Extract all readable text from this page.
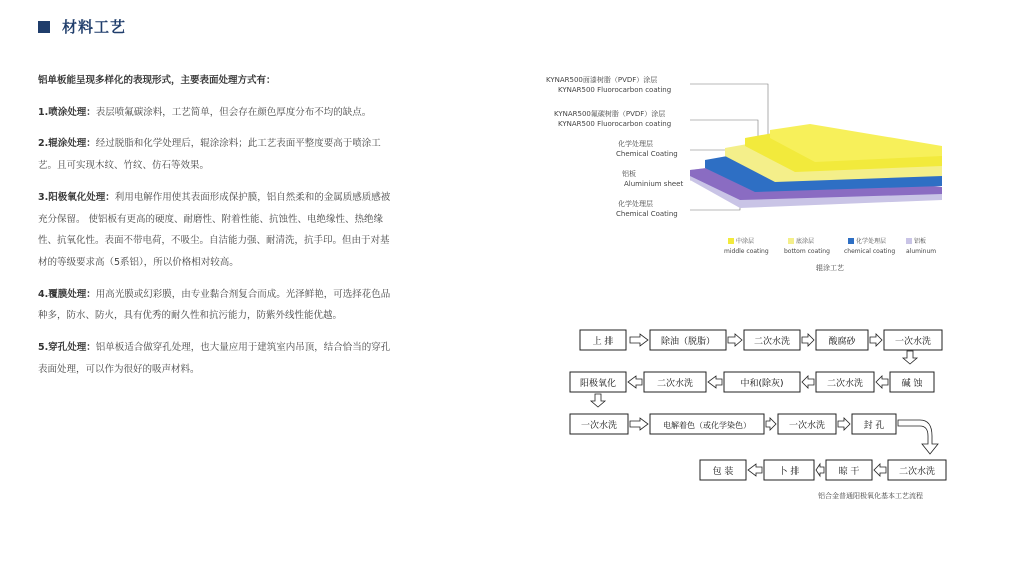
材料工艺

铝单板能呈现多样化的表现形式，主要表面处理方式有：

1.喷涂处理：表层喷氟碳涂料，工艺简单，但会存在颜色厚度分布不均的缺点。

2.辊涂处理：经过脱脂和化学处理后，辊涂涂料；此工艺表面平整度要高于喷涂工艺。且可实现木纹、竹纹、仿石等效果。

3.阳极氧化处理：利用电解作用使其表面形成保护膜，铝自然柔和的金属质感质感被充分保留。 使铝板有更高的硬度、耐磨性、附着性能、抗蚀性、电绝缘性、热绝缘性、抗氧化性。表面不带电荷，不吸尘。自洁能力强、耐清洗，抗手印。但由于对基材的等级要求高（5系铝），所以价格相对较高。

4.覆膜处理：用高光膜或幻彩膜，由专业黏合剂复合而成。光泽鲜艳，可选择花色品种多，防水、防火，具有优秀的耐久性和抗污能力，防紫外线性能优越。

5.穿孔处理：铝单板适合做穿孔处理，也大量应用于建筑室内吊顶，结合恰当的穿孔表面处理，可以作为很好的吸声材料。

KYNAR500面漆树脂（PVDF）涂层
KYNAR500 Fluorocarbon coating
KYNAR500氟碳树脂（PVDF）涂层
KYNAR500 Fluorocarbon coating
化学处理层
Chemical Coating
铝板
Aluminium sheet
化学处理层
Chemical Coating
中涂层
middle coating
底涂层
bottom coating
化学处理层
chemical coating
铝板
aluminum
辊涂工艺
上 排	除油（脱脂）	二次水洗	酸腐砂	一次水洗
阳极氧化	二次水洗	中和(除灰)	二次水洗	碱 蚀
一次水洗	电解着色（或化学染色）	一次水洗	封 孔
包 装	卜 排	晾 干	二次水洗
铝合金普通阳极氧化基本工艺流程
